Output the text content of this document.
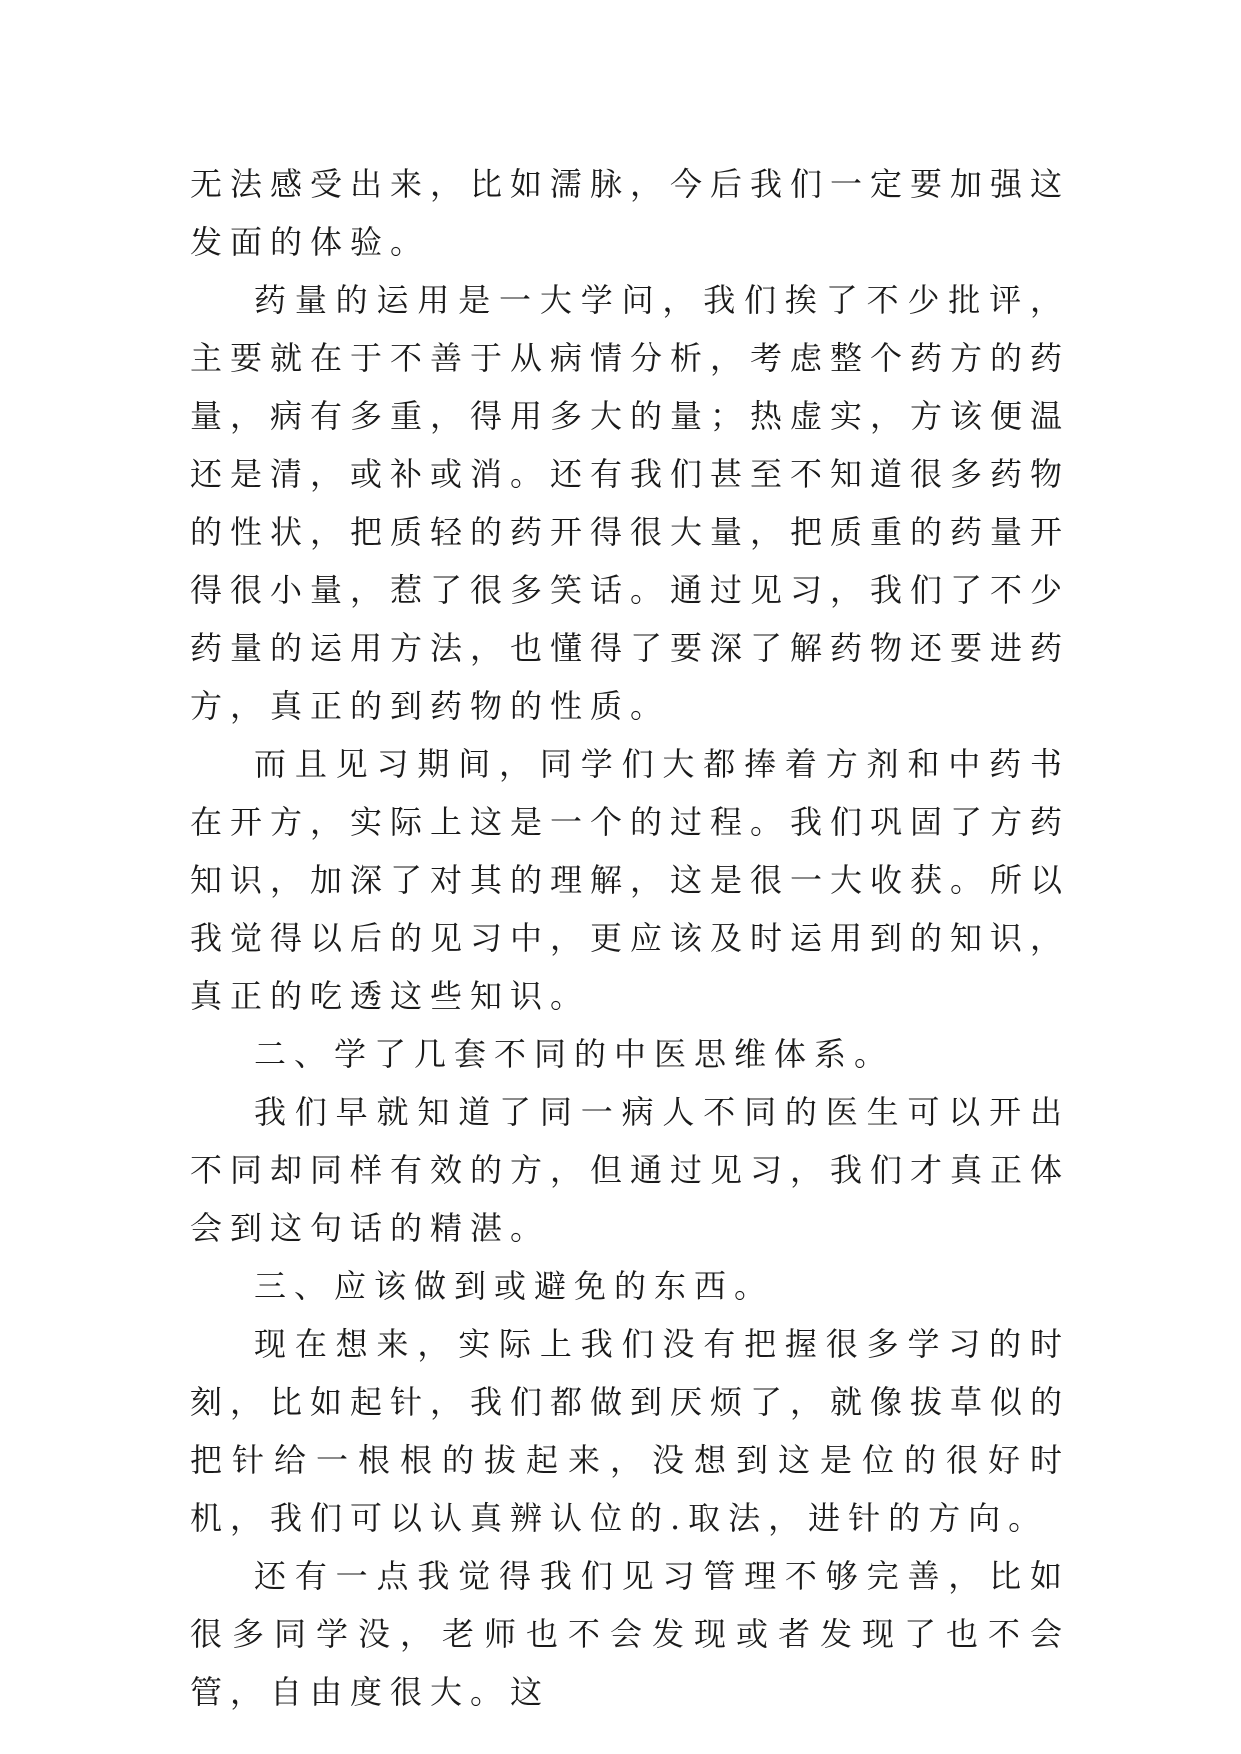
无法感受出来，比如濡脉，今后我们一定要加强这发面的体验。

药量的运用是一大学问，我们挨了不少批评，主要就在于不善于从病情分析，考虑整个药方的药量，病有多重，得用多大的量；热虚实，方该便温还是清，或补或消。还有我们甚至不知道很多药物的性状，把质轻的药开得很大量，把质重的药量开得很小量，惹了很多笑话。通过见习，我们了不少药量的运用方法，也懂得了要深了解药物还要进药方，真正的到药物的性质。

而且见习期间，同学们大都捧着方剂和中药书在开方，实际上这是一个的过程。我们巩固了方药知识，加深了对其的理解，这是很一大收获。所以我觉得以后的见习中，更应该及时运用到的知识，真正的吃透这些知识。

二、学了几套不同的中医思维体系。

我们早就知道了同一病人不同的医生可以开出不同却同样有效的方，但通过见习，我们才真正体会到这句话的精湛。

三、应该做到或避免的东西。

现在想来，实际上我们没有把握很多学习的时刻，比如起针，我们都做到厌烦了，就像拔草似的把针给一根根的拔起来，没想到这是位的很好时机，我们可以认真辨认位的.取法，进针的方向。

还有一点我觉得我们见习管理不够完善，比如很多同学没，老师也不会发现或者发现了也不会管，自由度很大。这
